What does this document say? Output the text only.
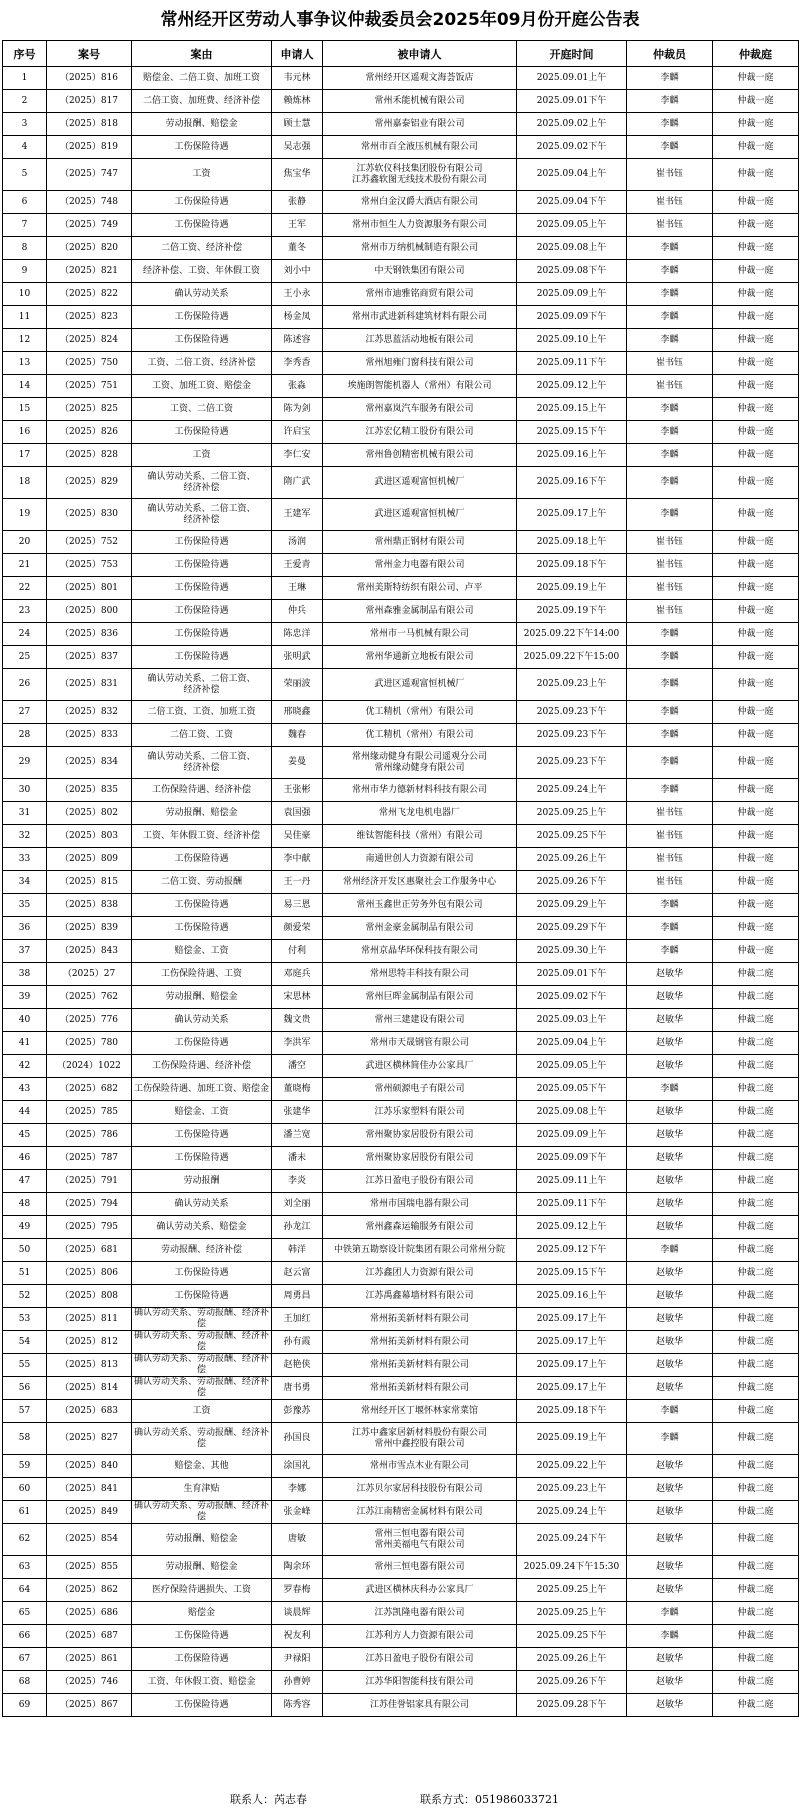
常州经开区劳动人事争议仲裁委员会2025年09月份开庭公告表
序号	案号	案由	申请人	被申请人	开庭时间	仲裁员	仲裁庭
1	（2025）816	赔偿金、二倍工资、加班工资	韦元林	常州经开区遥观文海荟饭店	2025.09.01上午	李麟	仲裁一庭
2	（2025）817	二倍工资、加班费、经济补偿	赖炼林	常州禾能机械有限公司	2025.09.01下午	李麟	仲裁一庭
3	（2025）818	劳动报酬、赔偿金	顾士慧	常州嘉泰铝业有限公司	2025.09.02上午	李麟	仲裁一庭
4	（2025）819	工伤保险待遇	吴志强	常州市百全液压机械有限公司	2025.09.02下午	李麟	仲裁一庭
5	（2025）747	工资	焦宝华	江苏软仪科技集团股份有限公司
江苏鑫软图无线技术股份有限公司	2025.09.04上午	崔书钰	仲裁一庭
6	（2025）748	工伤保险待遇	张静	常州白金汉爵大酒店有限公司	2025.09.04下午	崔书钰	仲裁一庭
7	（2025）749	工伤保险待遇	王军	常州市恒生人力资源服务有限公司	2025.09.05上午	崔书钰	仲裁一庭
8	（2025）820	二倍工资、经济补偿	董冬	常州市万纳机械制造有限公司	2025.09.08上午	李麟	仲裁一庭
9	（2025）821	经济补偿、工资、年休假工资	刘小中	中天钢铁集团有限公司	2025.09.08下午	李麟	仲裁一庭
10	（2025）822	确认劳动关系	王小永	常州市迪雅铭商贸有限公司	2025.09.09上午	李麟	仲裁一庭
11	（2025）823	工伤保险待遇	杨金凤	常州市武进新科建筑材料有限公司	2025.09.09下午	李麟	仲裁一庭
12	（2025）824	工伤保险待遇	陈述容	江苏思蓝活动地板有限公司	2025.09.10上午	李麟	仲裁一庭
13	（2025）750	工资、二倍工资、经济补偿	李秀香	常州旭雍门窗科技有限公司	2025.09.11下午	崔书钰	仲裁一庭
14	（2025）751	工资、加班工资、赔偿金	张淼	埃施朗智能机器人（常州）有限公司	2025.09.12上午	崔书钰	仲裁一庭
15	（2025）825	工资、二倍工资	陈为剑	常州嘉岚汽车服务有限公司	2025.09.15上午	李麟	仲裁一庭
16	（2025）826	工伤保险待遇	许启宝	江苏宏亿精工股份有限公司	2025.09.15下午	李麟	仲裁一庭
17	（2025）828	工资	李仁安	常州鲁创精密机械有限公司	2025.09.16上午	李麟	仲裁一庭
18	（2025）829	确认劳动关系、二倍工资、
经济补偿	隋广武	武进区遥观富恒机械厂	2025.09.16下午	李麟	仲裁一庭
19	（2025）830	确认劳动关系、二倍工资、
经济补偿	王建军	武进区遥观富恒机械厂	2025.09.17上午	李麟	仲裁一庭
20	（2025）752	工伤保险待遇	汤润	常州鼎正钢材有限公司	2025.09.18上午	崔书钰	仲裁一庭
21	（2025）753	工伤保险待遇	王爱青	常州金力电器有限公司	2025.09.18下午	崔书钰	仲裁一庭
22	（2025）801	工伤保险待遇	王琳	常州美斯特纺织有限公司、卢平	2025.09.19上午	崔书钰	仲裁一庭
23	（2025）800	工伤保险待遇	仲兵	常州森雅金属制品有限公司	2025.09.19下午	崔书钰	仲裁一庭
24	（2025）836	工伤保险待遇	陈忠洋	常州市一马机械有限公司	2025.09.22下午14:00	李麟	仲裁一庭
25	（2025）837	工伤保险待遇	张明武	常州华通新立地板有限公司	2025.09.22下午15:00	李麟	仲裁一庭
26	（2025）831	确认劳动关系、二倍工资、
经济补偿	荣丽波	武进区遥观富恒机械厂	2025.09.23上午	李麟	仲裁一庭
27	（2025）832	二倍工资、工资、加班工资	邢晓鑫	优工精机（常州）有限公司	2025.09.23下午	李麟	仲裁一庭
28	（2025）833	二倍工资、工资	魏春	优工精机（常州）有限公司	2025.09.23下午	李麟	仲裁一庭
29	（2025）834	确认劳动关系、二倍工资、
经济补偿	姜曼	常州缘动健身有限公司遥观分公司
常州缘动健身有限公司	2025.09.23下午	李麟	仲裁一庭
30	（2025）835	工伤保险待遇、经济补偿	王张彬	常州市华力德新材料科技有限公司	2025.09.24上午	李麟	仲裁一庭
31	（2025）802	劳动报酬、赔偿金	袁国强	常州飞龙电机电器厂	2025.09.25上午	崔书钰	仲裁一庭
32	（2025）803	工资、年休假工资、经济补偿	吴佳豪	维钛智能科技（常州）有限公司	2025.09.25下午	崔书钰	仲裁一庭
33	（2025）809	工伤保险待遇	李中献	南通世创人力资源有限公司	2025.09.26上午	崔书钰	仲裁一庭
34	（2025）815	二倍工资、劳动报酬	王一丹	常州经济开发区惠聚社会工作服务中心	2025.09.26下午	崔书钰	仲裁一庭
35	（2025）838	工伤保险待遇	易三恩	常州玉鑫世正劳务外包有限公司	2025.09.29上午	李麟	仲裁一庭
36	（2025）839	工伤保险待遇	颜爱荣	常州金豪金属制品有限公司	2025.09.29下午	李麟	仲裁一庭
37	（2025）843	赔偿金、工资	付利	常州京晶华环保科技有限公司	2025.09.30上午	李麟	仲裁一庭
38	（2025）27	工伤保险待遇、工资	邓庭兵	常州思特丰科技有限公司	2025.09.01下午	赵敏华	仲裁二庭
39	（2025）762	劳动报酬、赔偿金	宋思林	常州巨晖金属制品有限公司	2025.09.02下午	赵敏华	仲裁二庭
40	（2025）776	确认劳动关系	魏文贵	常州三建建设有限公司	2025.09.03上午	赵敏华	仲裁二庭
41	（2025）780	工伤保险待遇	李洪军	常州市天晟钢管有限公司	2025.09.04上午	赵敏华	仲裁二庭
42	（2024）1022	工伤保险待遇、经济补偿	潘空	武进区横林简佳办公家具厂	2025.09.05上午	赵敏华	仲裁二庭
43	（2025）682	工伤保险待遇、加班工资、赔偿金	董晓梅	常州硕源电子有限公司	2025.09.05下午	李麟	仲裁二庭
44	（2025）785	赔偿金、工资	张建华	江苏乐家塑料有限公司	2025.09.08上午	赵敏华	仲裁二庭
45	（2025）786	工伤保险待遇	潘兰宽	常州聚协家居股份有限公司	2025.09.09上午	赵敏华	仲裁二庭
46	（2025）787	工伤保险待遇	潘未	常州聚协家居股份有限公司	2025.09.09下午	赵敏华	仲裁二庭
47	（2025）791	劳动报酬	李炎	江苏日盈电子股份有限公司	2025.09.11上午	赵敏华	仲裁二庭
48	（2025）794	确认劳动关系	刘全丽	常州市国瑞电器有限公司	2025.09.11下午	赵敏华	仲裁二庭
49	（2025）795	确认劳动关系、赔偿金	孙龙江	常州鑫森运输服务有限公司	2025.09.12上午	赵敏华	仲裁二庭
50	（2025）681	劳动报酬、经济补偿	韩洋	中铁第五勘察设计院集团有限公司常州分院	2025.09.12下午	李麟	仲裁二庭
51	（2025）806	工伤保险待遇	赵云富	江苏鑫团人力资源有限公司	2025.09.15下午	赵敏华	仲裁二庭
52	（2025）808	工伤保险待遇	周勇昌	江苏禹鑫幕墙材料有限公司	2025.09.16上午	赵敏华	仲裁二庭
53	（2025）811	确认劳动关系、劳动报酬、经济补偿	王加红	常州拓美新材料有限公司	2025.09.17上午	赵敏华	仲裁二庭
54	（2025）812	确认劳动关系、劳动报酬、经济补偿	孙有霞	常州拓美新材料有限公司	2025.09.17上午	赵敏华	仲裁二庭
55	（2025）813	确认劳动关系、劳动报酬、经济补偿	赵艳侠	常州拓美新材料有限公司	2025.09.17上午	赵敏华	仲裁二庭
56	（2025）814	确认劳动关系、劳动报酬、经济补偿	唐书勇	常州拓美新材料有限公司	2025.09.17上午	赵敏华	仲裁二庭
57	（2025）683	工资	彭豫苏	常州经开区丁堰怀林家常菜馆	2025.09.18下午	李麟	仲裁二庭
58	（2025）827	确认劳动关系、劳动报酬、经济补偿	孙国良	江苏中鑫家居新材料股份有限公司
常州中鑫控股有限公司	2025.09.19上午	李麟	仲裁二庭
59	（2025）840	赔偿金、其他	涂国礼	常州市雪点木业有限公司	2025.09.22上午	赵敏华	仲裁二庭
60	（2025）841	生育津贴	李娜	江苏贝尔家居科技股份有限公司	2025.09.23上午	赵敏华	仲裁二庭
61	（2025）849	确认劳动关系、劳动报酬、经济补偿	张金峰	江苏江南精密金属材料有限公司	2025.09.24上午	赵敏华	仲裁二庭
62	（2025）854	劳动报酬、赔偿金	唐敏	常州三恒电器有限公司
常州美福电气有限公司	2025.09.24下午	赵敏华	仲裁二庭
63	（2025）855	劳动报酬、赔偿金	陶余环	常州三恒电器有限公司	2025.09.24下午15:30	赵敏华	仲裁二庭
64	（2025）862	医疗保险待遇损失、工资	罗春梅	武进区横林庆科办公家具厂	2025.09.25上午	赵敏华	仲裁二庭
65	（2025）686	赔偿金	谈晨辉	江苏凯隆电器有限公司	2025.09.25上午	李麟	仲裁二庭
66	（2025）687	工伤保险待遇	祝友利	江苏利方人力资源有限公司	2025.09.25下午	李麟	仲裁二庭
67	（2025）861	工伤保险待遇	尹禄阳	江苏日盈电子股份有限公司	2025.09.26上午	赵敏华	仲裁二庭
68	（2025）746	工资、年休假工资、赔偿金	孙曹婷	江苏华阳智能科技有限公司	2025.09.26下午	赵敏华	仲裁二庭
69	（2025）867	工伤保险待遇	陈秀容	江苏佳誉铝家具有限公司	2025.09.28下午	赵敏华	仲裁二庭
联系人：芮志春	联系方式：051986033721
